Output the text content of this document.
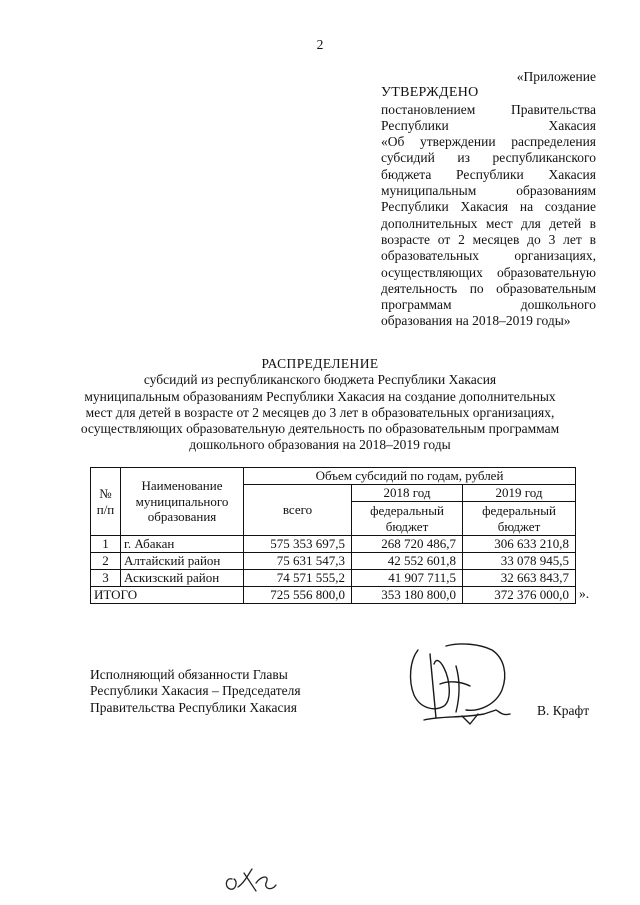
2
«Приложение
УТВЕРЖДЕНО
постановлением Правительства
Республики Хакасия
«Об утверждении распределения
субсидий из республиканского
бюджета Республики Хакасия
муниципальным образованиям
Республики Хакасия на создание
дополнительных мест для детей в
возрасте от 2 месяцев до 3 лет в
образовательных организациях,
осуществляющих образовательную
деятельность по образовательным
программам дошкольного
образования на 2018–2019 годы»
РАСПРЕДЕЛЕНИЕ
субсидий из республиканского бюджета Республики Хакасия
муниципальным образованиям Республики Хакасия на создание дополнительных
мест для детей в возрасте от 2 месяцев до 3 лет в образовательных организациях,
осуществляющих образовательную деятельность по образовательным программам
дошкольного образования на 2018–2019 годы
№ п/п	Наименование муниципального образования	Объем субсидий по годам, рублей		
		всего	2018 год	2019 год
			федеральный бюджет	федеральный бюджет
1	г. Абакан	575 353 697,5	268 720 486,7	306 633 210,8
2	Алтайский район	75 631 547,3	42 552 601,8	33 078 945,5
3	Аскизский район	74 571 555,2	41 907 711,5	32 663 843,7
ИТОГО		725 556 800,0	353 180 800,0	372 376 000,0 ».
Исполняющий обязанности Главы
Республики Хакасия – Председателя
Правительства Республики Хакасия	В. Крафт
